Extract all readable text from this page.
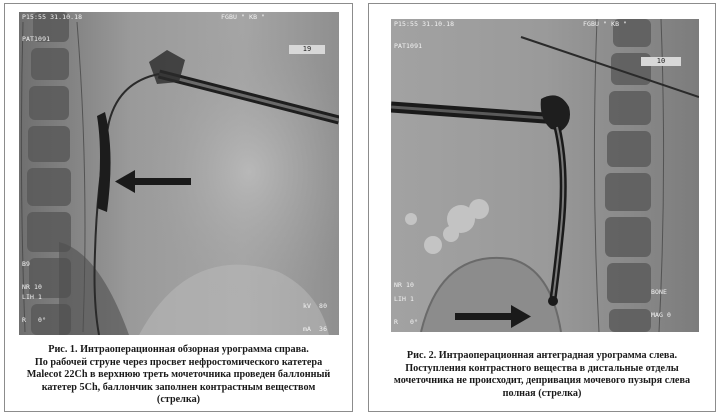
P15:55 31.10.18	FGBU " KB "
PAT1091
19

B9

NR 10

LIH 1

R   0°

kV  80

mA  36

Рис. 1. Интраоперационная обзорная урограмма справа.
По рабочей струне через просвет нефростомического катетера
Malecot 22Ch в верхнюю треть мочеточника проведен баллонный
катетер 5Ch, баллончик заполнен контрастным веществом
(стрелка)
P15:55 31.10.18	FGBU " KB "
PAT1091
10

NR 10

LIH 1

R   0°

BONE

MAG 0

Рис. 2. Интраоперационная антеградная урограмма слева.
Поступления контрастного вещества в дистальные отделы
мочеточника не происходит, депривация мочевого пузыря слева
полная (стрелка)
